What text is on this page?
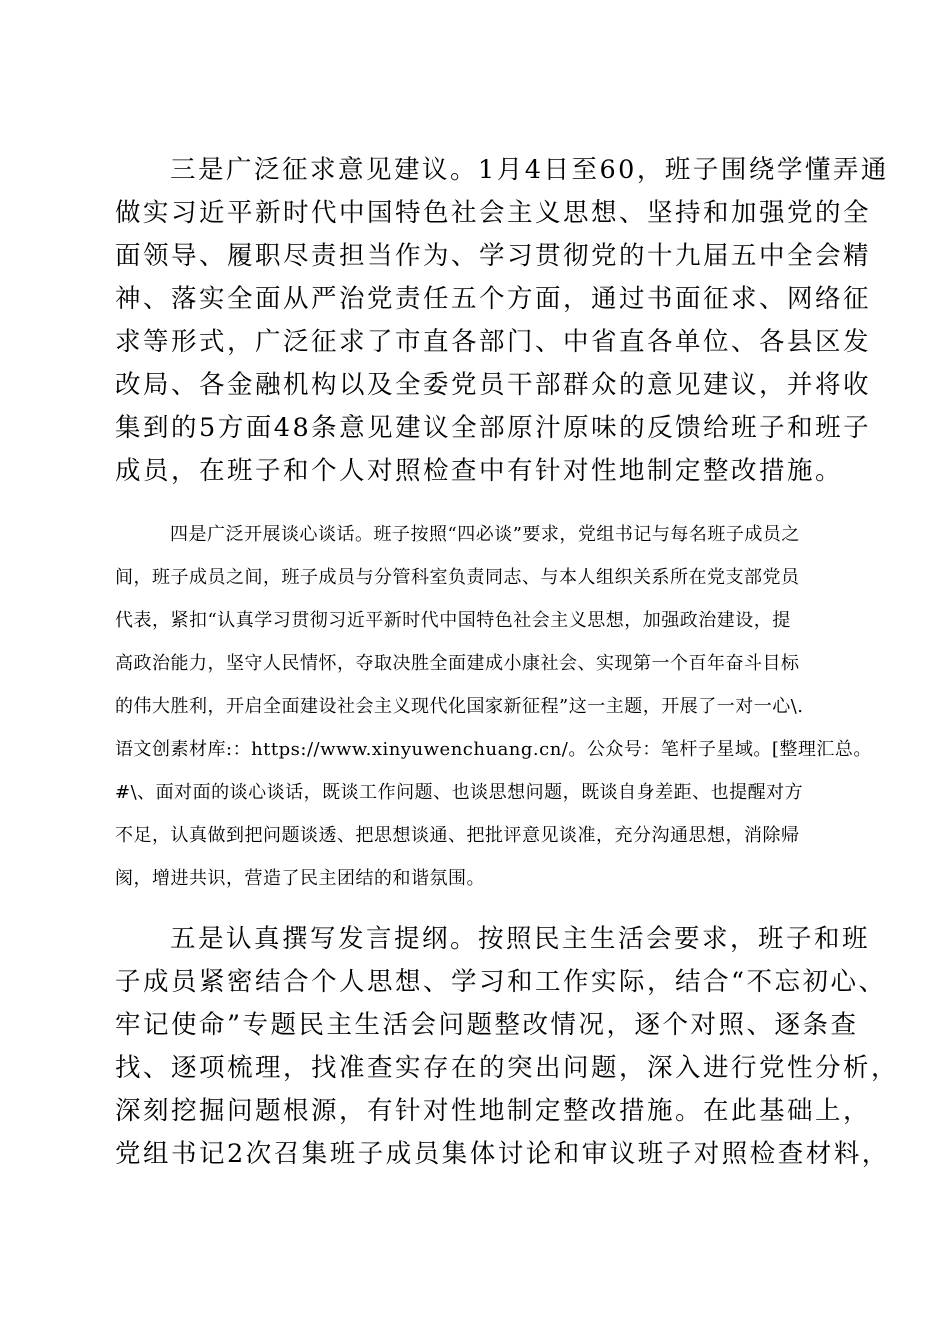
三是广泛征求意见建议。1月4日至60，班子围绕学懂弄通
做实习近平新时代中国特色社会主义思想、坚持和加强党的全
面领导、履职尽责担当作为、学习贯彻党的十九届五中全会精
神、落实全面从严治党责任五个方面，通过书面征求、网络征
求等形式，广泛征求了市直各部门、中省直各单位、各县区发
改局、各金融机构以及全委党员干部群众的意见建议，并将收
集到的5方面48条意见建议全部原汁原味的反馈给班子和班子
成员，在班子和个人对照检查中有针对性地制定整改措施。
四是广泛开展谈心谈话。班子按照“四必谈”要求，党组书记与每名班子成员之
间，班子成员之间，班子成员与分管科室负责同志、与本人组织关系所在党支部党员
代表，紧扣“认真学习贯彻习近平新时代中国特色社会主义思想，加强政治建设，提
高政治能力，坚守人民情怀，夺取决胜全面建成小康社会、实现第一个百年奋斗目标
的伟大胜利，开启全面建设社会主义现代化国家新征程”这一主题，开展了一对一心\.
语文创素材库:：https://www.xinyuwenchuang.cn/。公众号：笔杆子星域。[整理汇总。
#\、面对面的谈心谈话，既谈工作问题、也谈思想问题，既谈自身差距、也提醒对方
不足，认真做到把问题谈透、把思想谈通、把批评意见谈准，充分沟通思想，消除帰
阂，增进共识，营造了民主团结的和谐氛围。
五是认真撰写发言提纲。按照民主生活会要求，班子和班
子成员紧密结合个人思想、学习和工作实际，结合“不忘初心、
牢记使命”专题民主生活会问题整改情况，逐个对照、逐条查
找、逐项梳理，找准查实存在的突出问题，深入进行党性分析，
深刻挖掘问题根源，有针对性地制定整改措施。在此基础上，
党组书记2次召集班子成员集体讨论和审议班子对照检查材料，
